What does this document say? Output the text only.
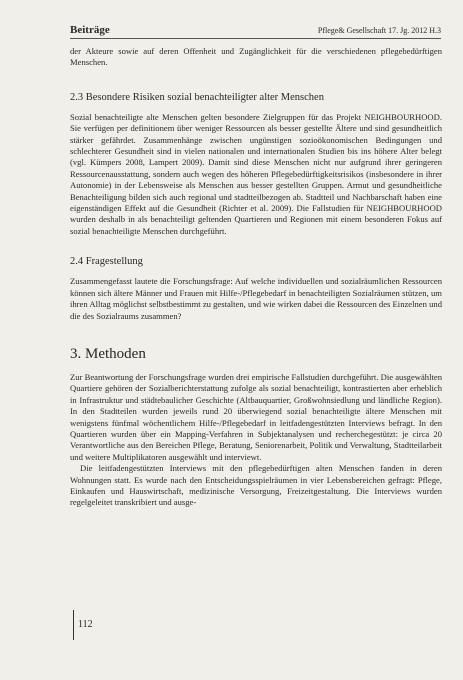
Beiträge	Pflege& Gesellschaft 17. Jg. 2012 H.3

der Akteure sowie auf deren Offenheit und Zugänglichkeit für die verschiedenen pflegebedürftigen Menschen.

2.3 Besondere Risiken sozial benachteiligter alter Menschen

Sozial benachteiligte alte Menschen gelten besondere Zielgruppen für das Projekt NEIGHBOURHOOD. Sie verfügen per definitionem über weniger Ressourcen als besser gestellte Ältere und sind gesundheitlich stärker gefährdet. Zusammenhänge zwischen ungünstigen sozioökonomischen Bedingungen und schlechterer Gesundheit sind in vielen nationalen und internationalen Studien bis ins höhere Alter belegt (vgl. Kümpers 2008, Lampert 2009). Damit sind diese Menschen nicht nur aufgrund ihrer geringeren Ressourcenausstattung, sondern auch wegen des höheren Pflegebedürftigkeitsrisikos (insbesondere in ihrer Autonomie) in der Lebensweise als Menschen aus besser gestellten Gruppen. Armut und gesundheitliche Benachteiligung bilden sich auch regional und stadtteilbezogen ab. Stadtteil und Nachbarschaft haben eine eigenständigen Effekt auf die Gesundheit (Richter et al. 2009). Die Fallstudien für NEIGHBOURHOOD wurden deshalb in als benachteiligt geltenden Quartieren und Regionen mit einem besonderen Fokus auf sozial benachteiligte Menschen durchgeführt.

2.4 Fragestellung

Zusammengefasst lautete die Forschungsfrage: Auf welche individuellen und sozialräumlichen Ressourcen können sich ältere Männer und Frauen mit Hilfe-/Pflegebedarf in benachteiligten Sozialräumen stützen, um ihren Alltag möglichst selbstbestimmt zu gestalten, und wie wirken dabei die Ressourcen des Einzelnen und die des Sozialraums zusammen?

3. Methoden

Zur Beantwortung der Forschungsfrage wurden drei empirische Fallstudien durchgeführt. Die ausgewählten Quartiere gehören der Sozialberichterstattung zufolge als sozial benachteiligt, kontrastierten aber erheblich in Infrastruktur und städtebaulicher Geschichte (Altbauquartier, Großwohnsiedlung und ländliche Region). In den Stadtteilen wurden jeweils rund 20 überwiegend sozial benachteiligte ältere Menschen mit wenigstens fünfmal wöchentlichem Hilfe-/Pflegebedarf in leitfadengestützten Interviews befragt. In den Quartieren wurden über ein Mapping-Verfahren in Subjektanalysen und recherchegestützt: je circa 20 Verantwortliche aus den Bereichen Pflege, Beratung, Seniorenarbeit, Politik und Verwaltung, Stadtteilarbeit und weitere Multiplikatoren ausgewählt und interviewt.

Die leitfadengestützten Interviews mit den pflegebedürftigen alten Menschen fanden in deren Wohnungen statt. Es wurde nach den Entscheidungsspielräumen in vier Lebensbereichen gefragt: Pflege, Einkaufen und Hauswirtschaft, medizinische Versorgung, Freizeitgestaltung. Die Interviews wurden regelgeleitet transkribiert und ausge-

112
